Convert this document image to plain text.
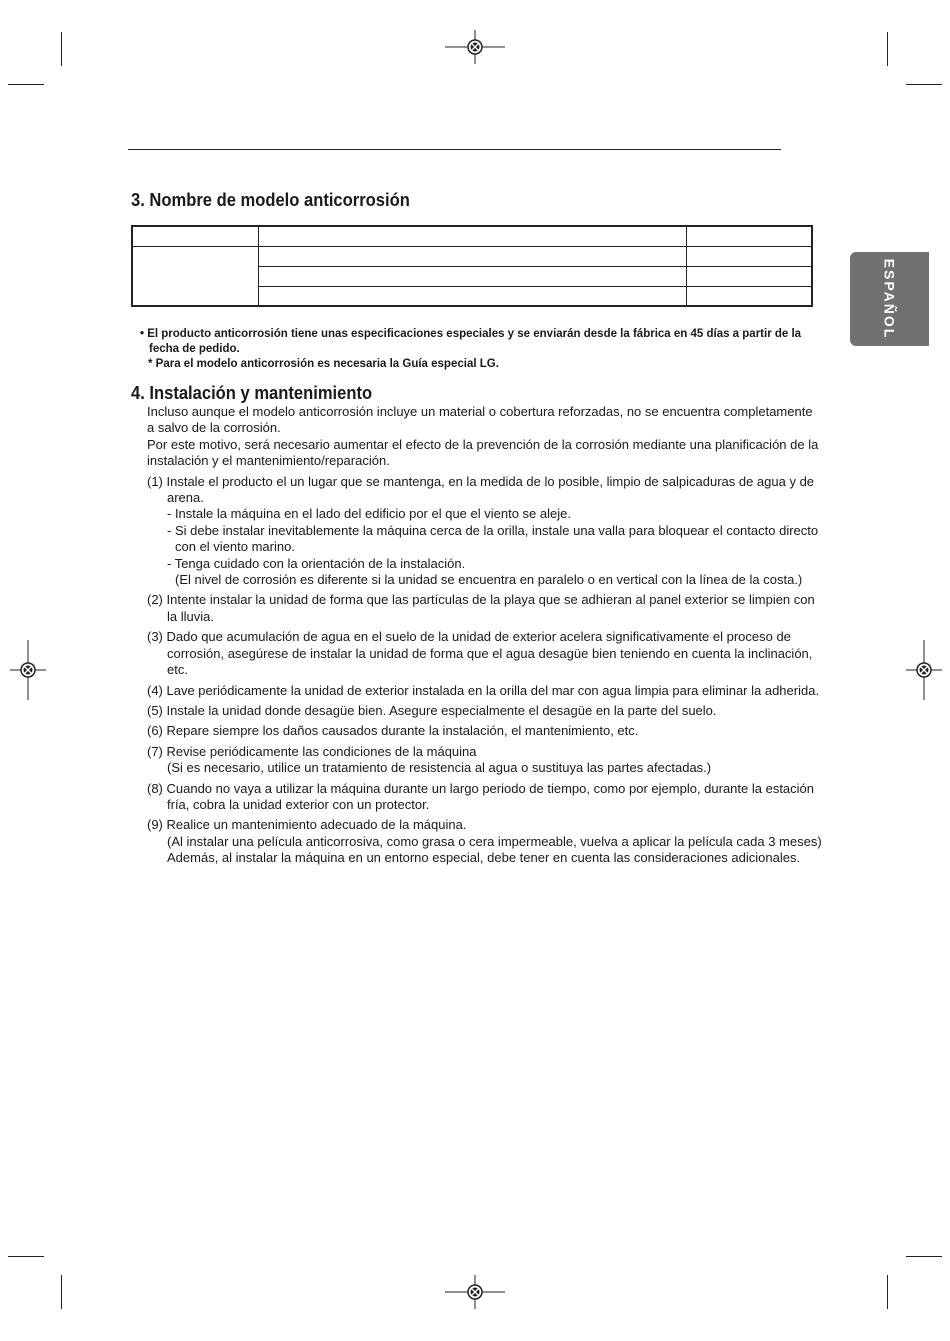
ESPAÑOL
3. Nombre de modelo anticorrosión

• El producto anticorrosión tiene unas especificaciones especiales y se enviarán desde la fábrica en 45 días a partir de la fecha de pedido.

* Para el modelo anticorrosión es necesaria la Guía especial LG.

4. Instalación y mantenimiento

Incluso aunque el modelo anticorrosión incluye un material o cobertura reforzadas, no se encuentra completamente a salvo de la corrosión.

Por este motivo, será necesario aumentar el efecto de la prevención de la corrosión mediante una planificación de la instalación y el mantenimiento/reparación.

(1) Instale el producto el un lugar que se mantenga, en la medida de lo posible, limpio de salpicaduras de agua y de arena.

- Instale la máquina en el lado del edificio por el que el viento se aleje.

- Si debe instalar inevitablemente la máquina cerca de la orilla, instale una valla para bloquear el contacto directo con el viento marino.

- Tenga cuidado con la orientación de la instalación.

(El nivel de corrosión es diferente si la unidad se encuentra en paralelo o en vertical con la línea de la costa.)

(2) Intente instalar la unidad de forma que las partículas de la playa que se adhieran al panel exterior se limpien con la lluvia.

(3) Dado que acumulación de agua en el suelo de la unidad de exterior acelera significativamente el proceso de corrosión, asegúrese de instalar la unidad de forma que el agua desagüe bien teniendo en cuenta la inclinación, etc.

(4) Lave periódicamente la unidad de exterior instalada en la orilla del mar con agua limpia para eliminar la adherida.

(5) Instale la unidad donde desagüe bien. Asegure especialmente el desagüe en la parte del suelo.

(6) Repare siempre los daños causados durante la instalación, el mantenimiento, etc.

(7) Revise periódicamente las condiciones de la máquina

(Si es necesario, utilice un tratamiento de resistencia al agua o sustituya las partes afectadas.)

(8) Cuando no vaya a utilizar la máquina durante un largo periodo de tiempo, como por ejemplo, durante la estación fría, cobra la unidad exterior con un protector.

(9) Realice un mantenimiento adecuado de la máquina.

(Al instalar una película anticorrosiva, como grasa o cera impermeable, vuelva a aplicar la película cada 3 meses) Además, al instalar la máquina en un entorno especial, debe tener en cuenta las consideraciones adicionales.
